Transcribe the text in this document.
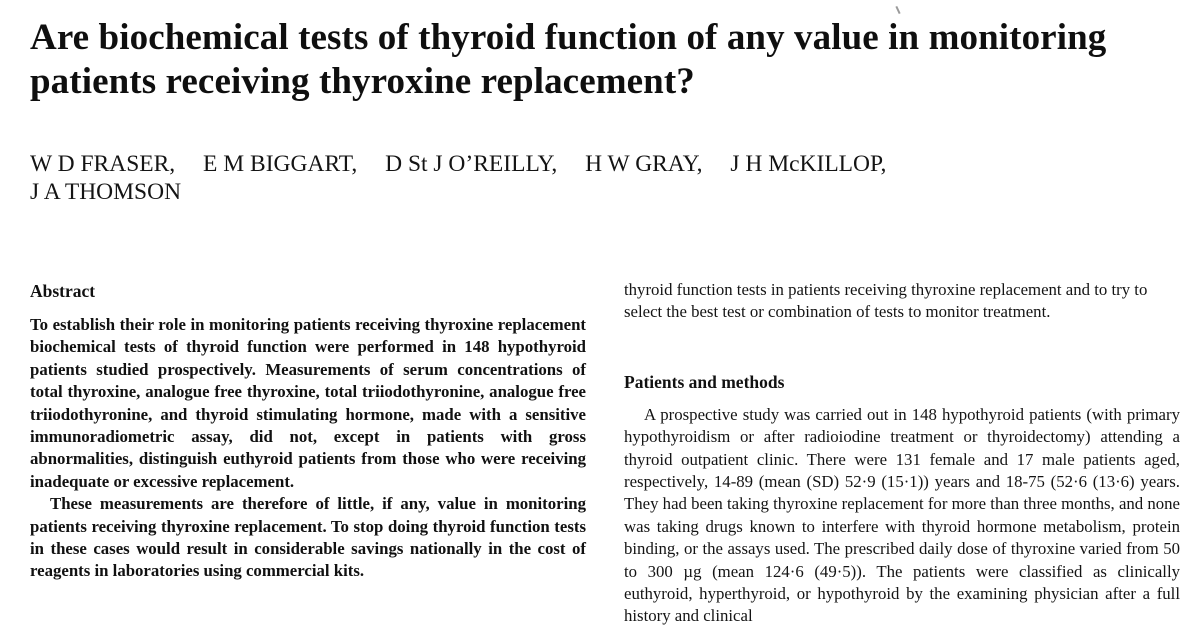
Are biochemical tests of thyroid function of any value in monitoring patients receiving thyroxine replacement?
W D FRASER, E M BIGGART, D St J O’REILLY, H W GRAY, J H McKILLOP,
J A THOMSON
Abstract

To establish their role in monitoring patients receiving thyroxine replacement biochemical tests of thyroid function were performed in 148 hypothyroid patients studied prospectively. Measurements of serum concentrations of total thyroxine, analogue free thyroxine, total triiodothyronine, analogue free triiodothyronine, and thyroid stimulating hormone, made with a sensitive immunoradiometric assay, did not, except in patients with gross abnormalities, distinguish euthyroid patients from those who were receiving inadequate or excessive replacement.

These measurements are therefore of little, if any, value in monitoring patients receiving thyroxine replacement. To stop doing thyroid function tests in these cases would result in considerable savings nationally in the cost of reagents in laboratories using commercial kits.

thyroid function tests in patients receiving thyroxine replacement and to try to select the best test or combination of tests to monitor treatment.

Patients and methods

A prospective study was carried out in 148 hypothyroid patients (with primary hypothyroidism or after radioiodine treatment or thyroidectomy) attending a thyroid outpatient clinic. There were 131 female and 17 male patients aged, respectively, 14-89 (mean (SD) 52·9 (15·1)) years and 18-75 (52·6 (13·6) years. They had been taking thyroxine replacement for more than three months, and none was taking drugs known to interfere with thyroid hormone metabolism, protein binding, or the assays used. The prescribed daily dose of thyroxine varied from 50 to 300 µg (mean 124·6 (49·5)). The patients were classified as clinically euthyroid, hyperthyroid, or hypothyroid by the examining physician after a full history and clinical
